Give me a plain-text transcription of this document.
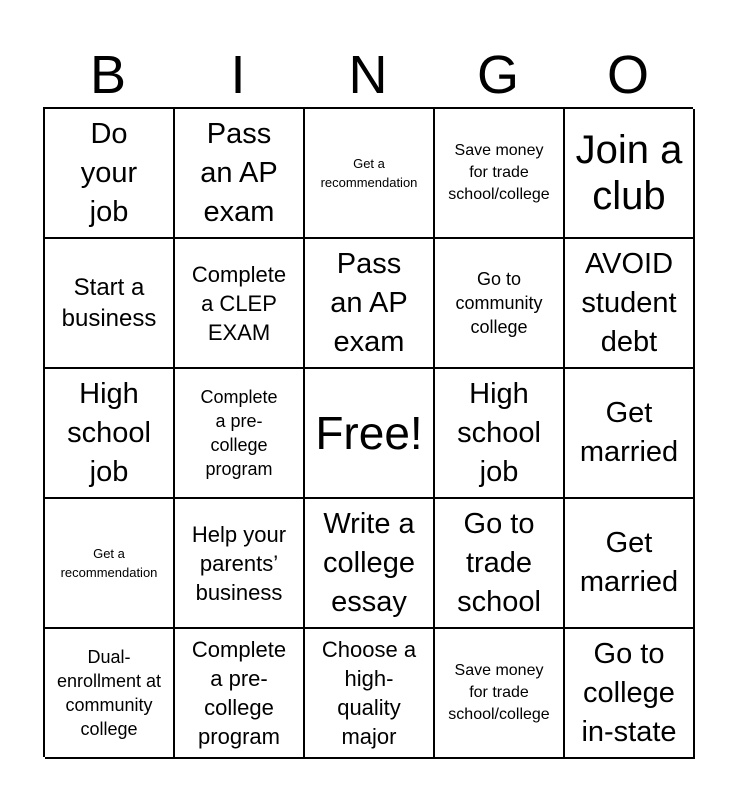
B	I	N	G	O
Do
your
job
Pass
an AP
exam
Get a
recommendation
Save money
for trade
school/college
Join a
club
Start a
business
Complete
a CLEP
EXAM
Pass
an AP
exam
Go to
community
college
AVOID
student
debt
High
school
job
Complete
a pre-
college
program
Free!
High
school
job
Get
married
Get a
recommendation
Help your
parents’
business
Write a
college
essay
Go to
trade
school
Get
married
Dual-
enrollment at
community
college
Complete
a pre-
college
program
Choose a
high-
quality
major
Save money
for trade
school/college
Go to
college
in-state
